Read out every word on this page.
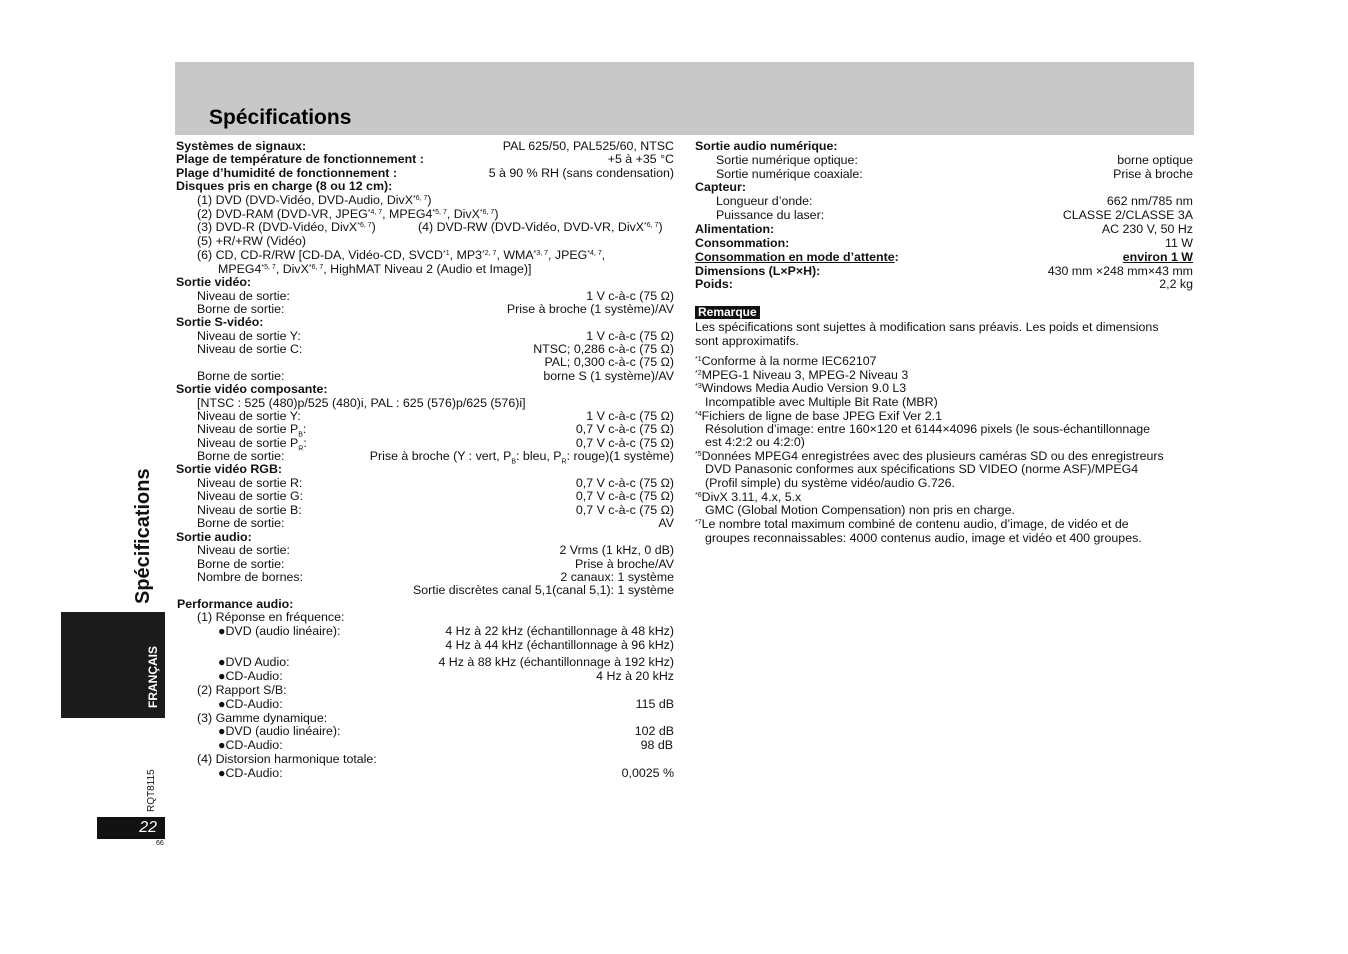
Spécifications
Spécifications
FRANÇAIS
RQT8115
22
66
Systèmes de signaux:	PAL 625/50, PAL525/60, NTSC
Plage de température de fonctionnement :	+5 à +35 °C
Plage d’humidité de fonctionnement :	5 à 90 % RH (sans condensation)
Disques pris en charge (8 ou 12 cm):
(1) DVD (DVD-Vidéo, DVD-Audio, DivX$^{*6, 7}$)
(2) DVD-RAM (DVD-VR, JPEG$^{*4, 7}$, MPEG4$^{*5, 7}$, DivX$^{*6, 7}$)
(3) DVD-R (DVD-Vidéo, DivX$^{*6, 7}$)	(4) DVD-RW (DVD-Vidéo, DVD-VR, DivX$^{*6, 7}$)
(5) +R/+RW (Vidéo)
(6) CD, CD-R/RW [CD-DA, Vidéo-CD, SVCD$^{*1}$, MP3$^{*2, 7}$, WMA$^{*3, 7}$, JPEG$^{*4, 7}$,
MPEG4$^{*5, 7}$, DivX$^{*6, 7}$, HighMAT Niveau 2 (Audio et Image)]
Sortie vidéo:
Niveau de sortie:	1 V c-à-c (75 Ω)
Borne de sortie:	Prise à broche (1 système)/AV
Sortie S-vidéo:
Niveau de sortie Y:	1 V c-à-c (75 Ω)
Niveau de sortie C:	NTSC; 0,286 c-à-c (75 Ω)
PAL; 0,300 c-à-c (75 Ω)
Borne de sortie:	borne S (1 système)/AV
Sortie vidéo composante:
[NTSC : 525 (480)p/525 (480)i, PAL : 625 (576)p/625 (576)i]
Niveau de sortie Y:	1 V c-à-c (75 Ω)
Niveau de sortie $P_B$:	0,7 V c-à-c (75 Ω)
Niveau de sortie $P_R$:	0,7 V c-à-c (75 Ω)
Borne de sortie:	Prise à broche (Y : vert, $P_B$: bleu, $P_R$: rouge)(1 système)
Sortie vidéo RGB:
Niveau de sortie R:	0,7 V c-à-c (75 Ω)
Niveau de sortie G:	0,7 V c-à-c (75 Ω)
Niveau de sortie B:	0,7 V c-à-c (75 Ω)
Borne de sortie:	AV
Sortie audio:
Niveau de sortie:	2 Vrms (1 kHz, 0 dB)
Borne de sortie:	Prise à broche/AV
Nombre de bornes:	2 canaux: 1 système
Sortie discrètes canal 5,1(canal 5,1): 1 système
Performance audio:
(1) Réponse en fréquence:
●DVD (audio linéaire):	4 Hz à 22 kHz (échantillonnage à 48 kHz)
4 Hz à 44 kHz (échantillonnage à 96 kHz)
●DVD Audio:	4 Hz à 88 kHz (échantillonnage à 192 kHz)
●CD-Audio:	4 Hz à 20 kHz
(2) Rapport S/B:
●CD-Audio:	115 dB
(3) Gamme dynamique:
●DVD (audio linéaire):	102 dB
●CD-Audio:	98 dB
(4) Distorsion harmonique totale:
●CD-Audio:	0,0025 %
Sortie audio numérique:
Sortie numérique optique:	borne optique
Sortie numérique coaxiale:	Prise à broche
Capteur:
Longueur d’onde:	662 nm/785 nm
Puissance du laser:	CLASSE 2/CLASSE 3A
Alimentation:	AC 230 V, 50 Hz
Consommation:	11 W
Consommation en mode d’attente:	environ 1 W
Dimensions (L×P×H):	430 mm ×248 mm×43 mm
Poids:	2,2 kg
Remarque
Les spécifications sont sujettes à modification sans préavis. Les poids et dimensions
sont approximatifs.
$^{*1}$Conforme à la norme IEC62107
$^{*2}$MPEG-1 Niveau 3, MPEG-2 Niveau 3
$^{*3}$Windows Media Audio Version 9.0 L3
Incompatible avec Multiple Bit Rate (MBR)
$^{*4}$Fichiers de ligne de base JPEG Exif Ver 2.1
Résolution d’image: entre 160×120 et 6144×4096 pixels (le sous-échantillonnage
est 4:2:2 ou 4:2:0)
$^{*5}$Données MPEG4 enregistrées avec des plusieurs caméras SD ou des enregistreurs
DVD Panasonic conformes aux spécifications SD VIDEO (norme ASF)/MPEG4
(Profil simple) du système vidéo/audio G.726.
$^{*6}$DivX 3.11, 4.x, 5.x
GMC (Global Motion Compensation) non pris en charge.
$^{*7}$Le nombre total maximum combiné de contenu audio, d’image, de vidéo et de
groupes reconnaissables: 4000 contenus audio, image et vidéo et 400 groupes.
